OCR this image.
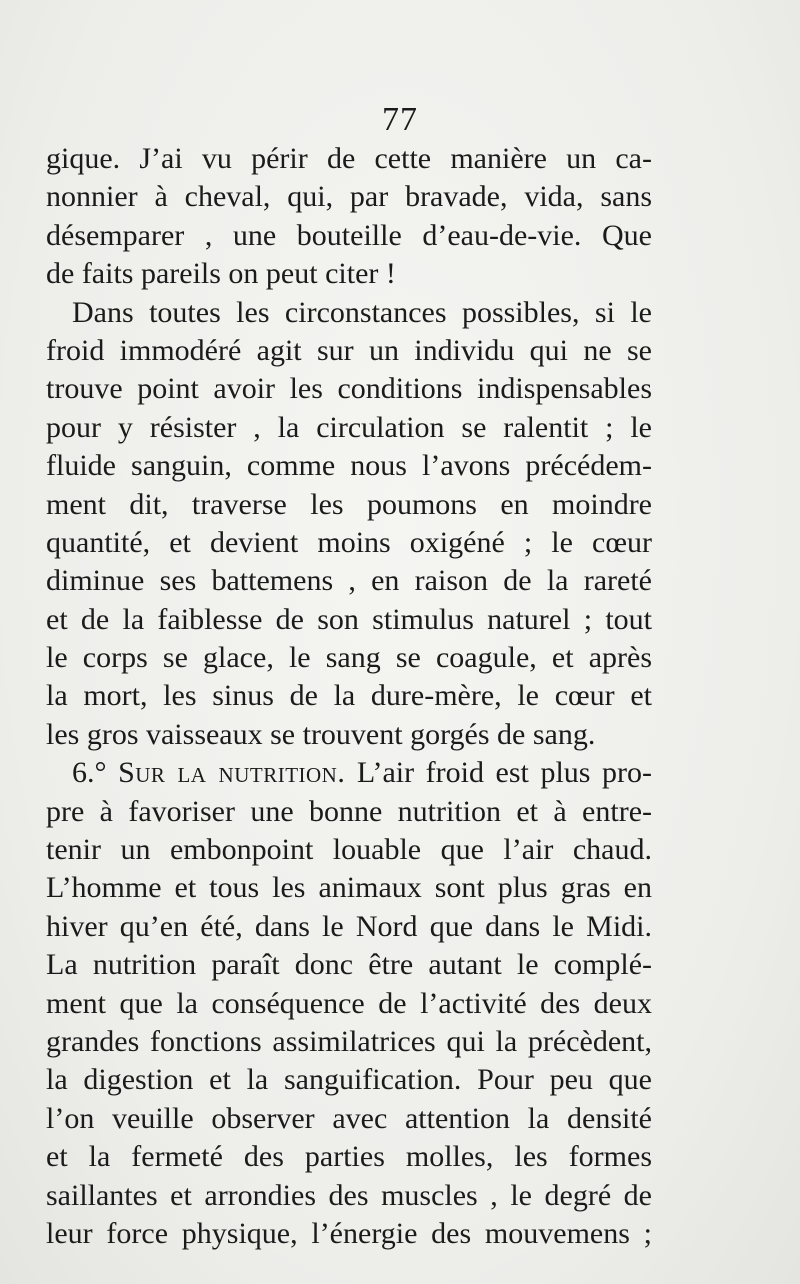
77
gique. J’ai vu périr de cette manière un ca-
nonnier à cheval, qui, par bravade, vida, sans
désemparer , une bouteille d’eau-de-vie. Que
de faits pareils on peut citer !
Dans toutes les circonstances possibles, si le
froid immodéré agit sur un individu qui ne se
trouve point avoir les conditions indispensables
pour y résister , la circulation se ralentit ; le
fluide sanguin, comme nous l’avons précédem-
ment dit, traverse les poumons en moindre
quantité, et devient moins oxigéné ; le cœur
diminue ses battemens , en raison de la rareté
et de la faiblesse de son stimulus naturel ; tout
le corps se glace, le sang se coagule, et après
la mort, les sinus de la dure-mère, le cœur et
les gros vaisseaux se trouvent gorgés de sang.
6.° Sur la nutrition. L’air froid est plus pro-
pre à favoriser une bonne nutrition et à entre-
tenir un embonpoint louable que l’air chaud.
L’homme et tous les animaux sont plus gras en
hiver qu’en été, dans le Nord que dans le Midi.
La nutrition paraît donc être autant le complé-
ment que la conséquence de l’activité des deux
grandes fonctions assimilatrices qui la précèdent,
la digestion et la sanguification. Pour peu que
l’on veuille observer avec attention la densité
et la fermeté des parties molles, les formes
saillantes et arrondies des muscles , le degré de
leur force physique, l’énergie des mouvemens ;
